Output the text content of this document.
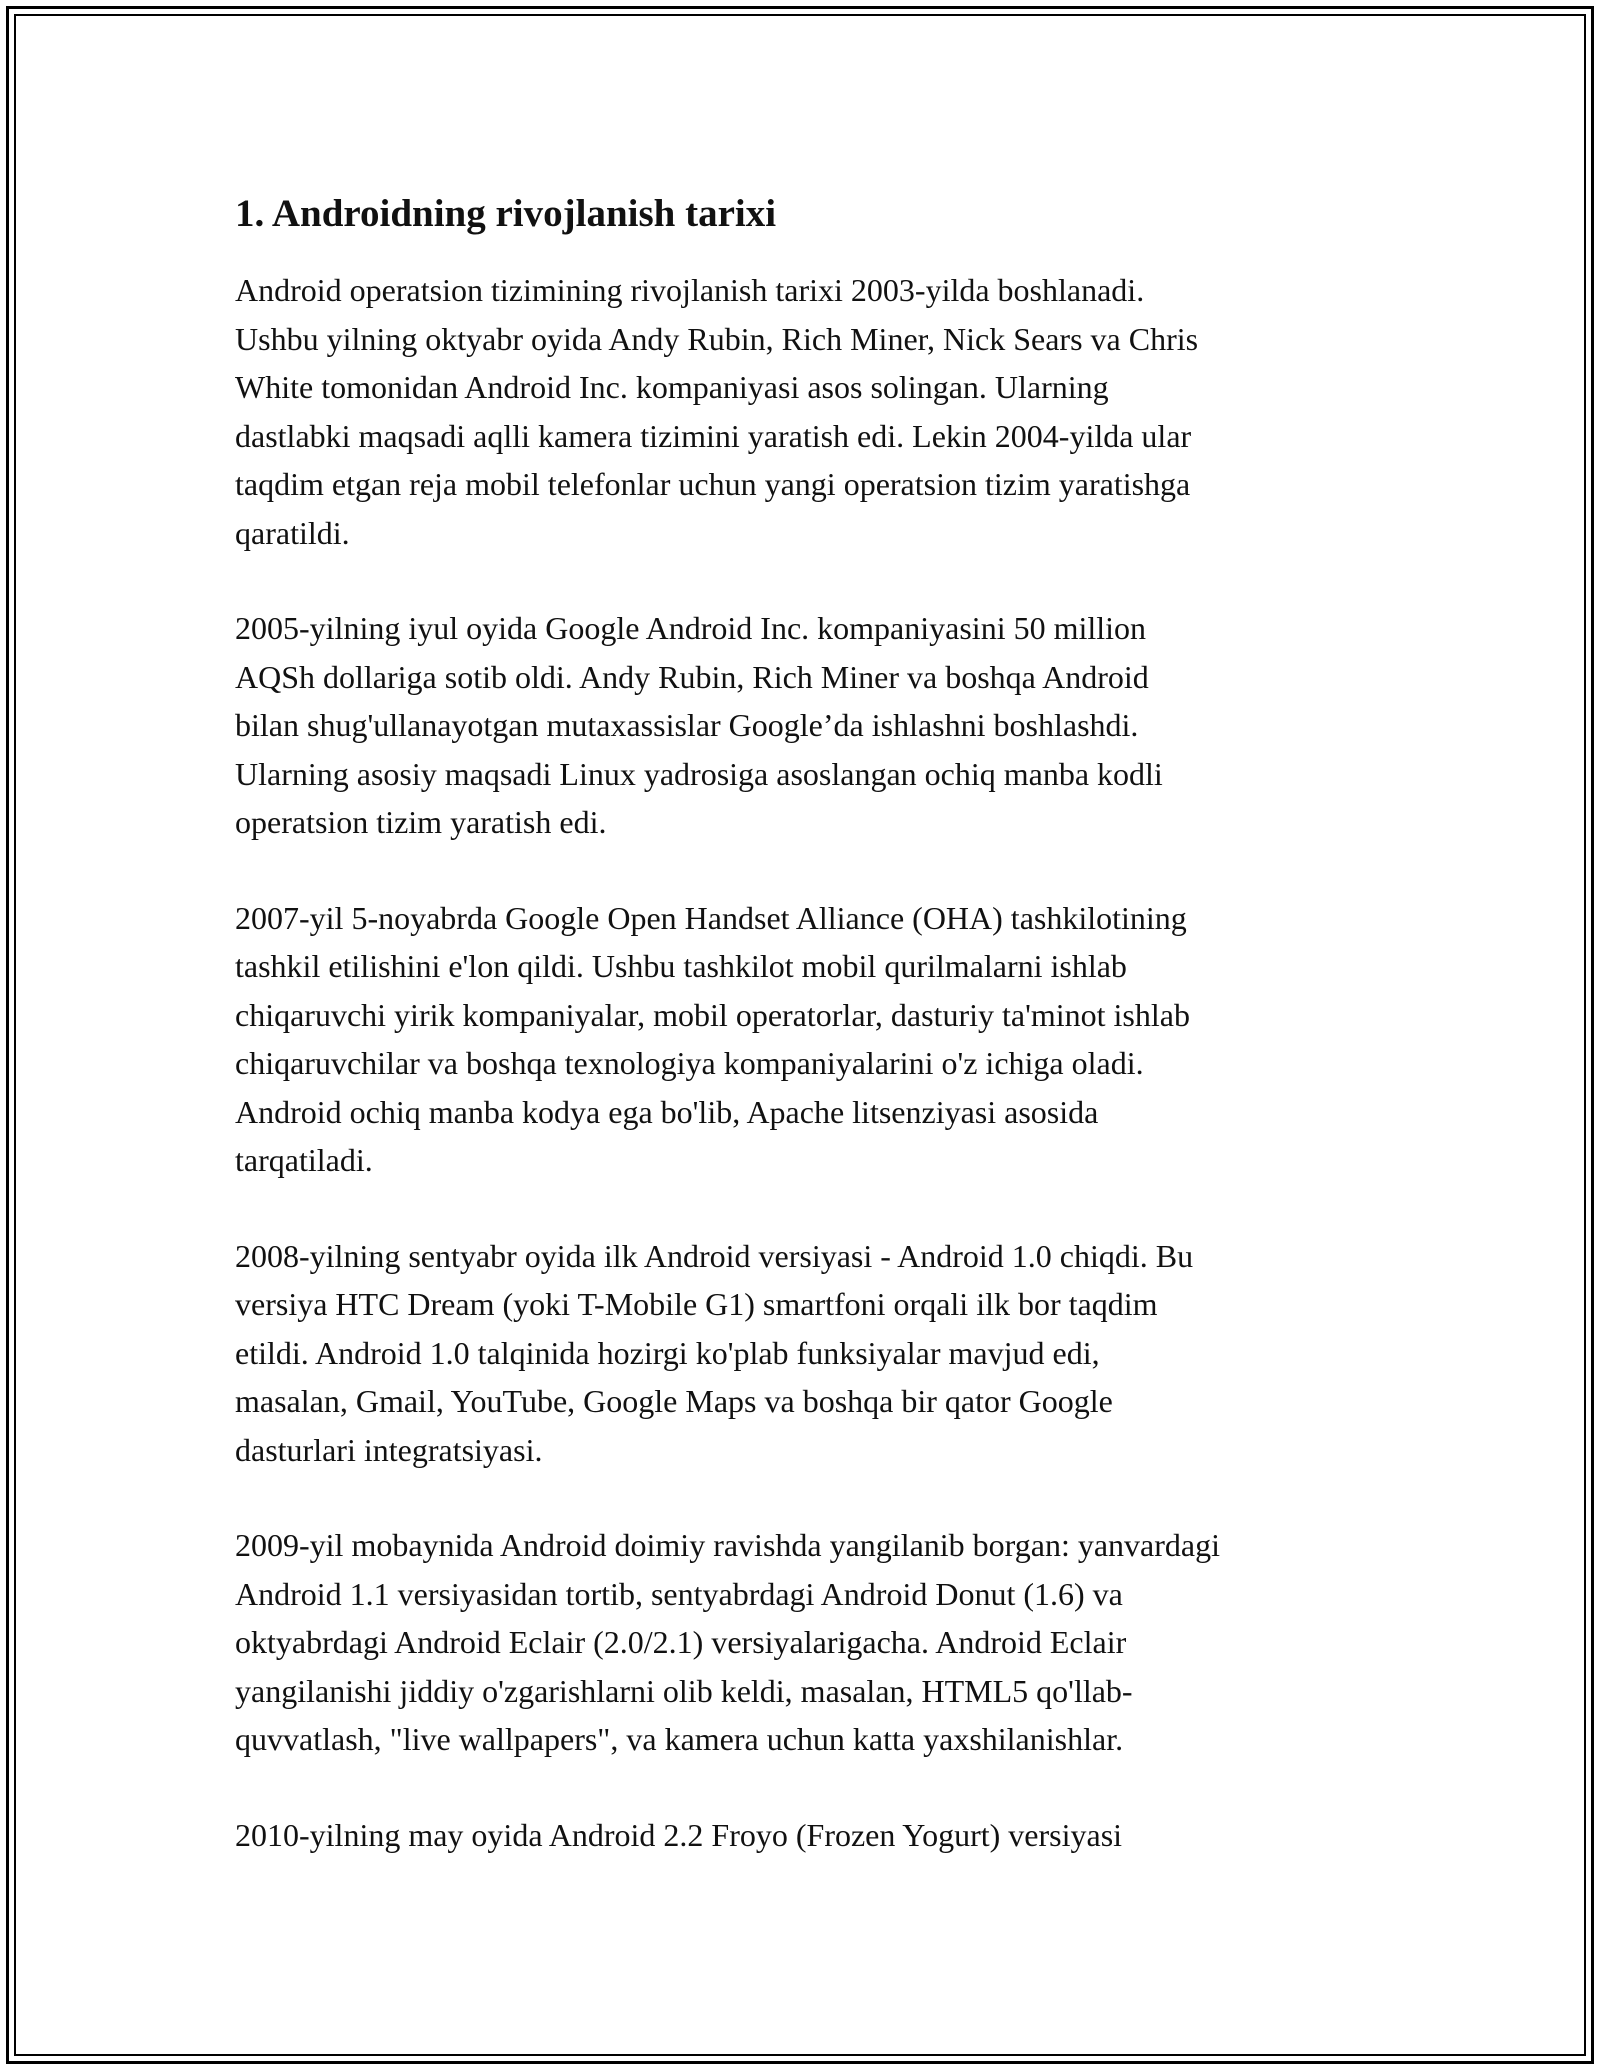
1. Androidning rivojlanish tarixi
Android operatsion tizimining rivojlanish tarixi 2003-yilda boshlanadi.
Ushbu yilning oktyabr oyida Andy Rubin, Rich Miner, Nick Sears va Chris
White tomonidan Android Inc. kompaniyasi asos solingan. Ularning
dastlabki maqsadi aqlli kamera tizimini yaratish edi. Lekin 2004-yilda ular
taqdim etgan reja mobil telefonlar uchun yangi operatsion tizim yaratishga
qaratildi.
2005-yilning iyul oyida Google Android Inc. kompaniyasini 50 million
AQSh dollariga sotib oldi. Andy Rubin, Rich Miner va boshqa Android
bilan shug'ullanayotgan mutaxassislar Google’da ishlashni boshlashdi.
Ularning asosiy maqsadi Linux yadrosiga asoslangan ochiq manba kodli
operatsion tizim yaratish edi.
2007-yil 5-noyabrda Google Open Handset Alliance (OHA) tashkilotining
tashkil etilishini e'lon qildi. Ushbu tashkilot mobil qurilmalarni ishlab
chiqaruvchi yirik kompaniyalar, mobil operatorlar, dasturiy ta'minot ishlab
chiqaruvchilar va boshqa texnologiya kompaniyalarini o'z ichiga oladi.
Android ochiq manba kodya ega bo'lib, Apache litsenziyasi asosida
tarqatiladi.
2008-yilning sentyabr oyida ilk Android versiyasi - Android 1.0 chiqdi. Bu
versiya HTC Dream (yoki T-Mobile G1) smartfoni orqali ilk bor taqdim
etildi. Android 1.0 talqinida hozirgi ko'plab funksiyalar mavjud edi,
masalan, Gmail, YouTube, Google Maps va boshqa bir qator Google
dasturlari integratsiyasi.
2009-yil mobaynida Android doimiy ravishda yangilanib borgan: yanvardagi
Android 1.1 versiyasidan tortib, sentyabrdagi Android Donut (1.6) va
oktyabrdagi Android Eclair (2.0/2.1) versiyalarigacha. Android Eclair
yangilanishi jiddiy o'zgarishlarni olib keldi, masalan, HTML5 qo'llab-
quvvatlash, "live wallpapers", va kamera uchun katta yaxshilanishlar.
2010-yilning may oyida Android 2.2 Froyo (Frozen Yogurt) versiyasi
